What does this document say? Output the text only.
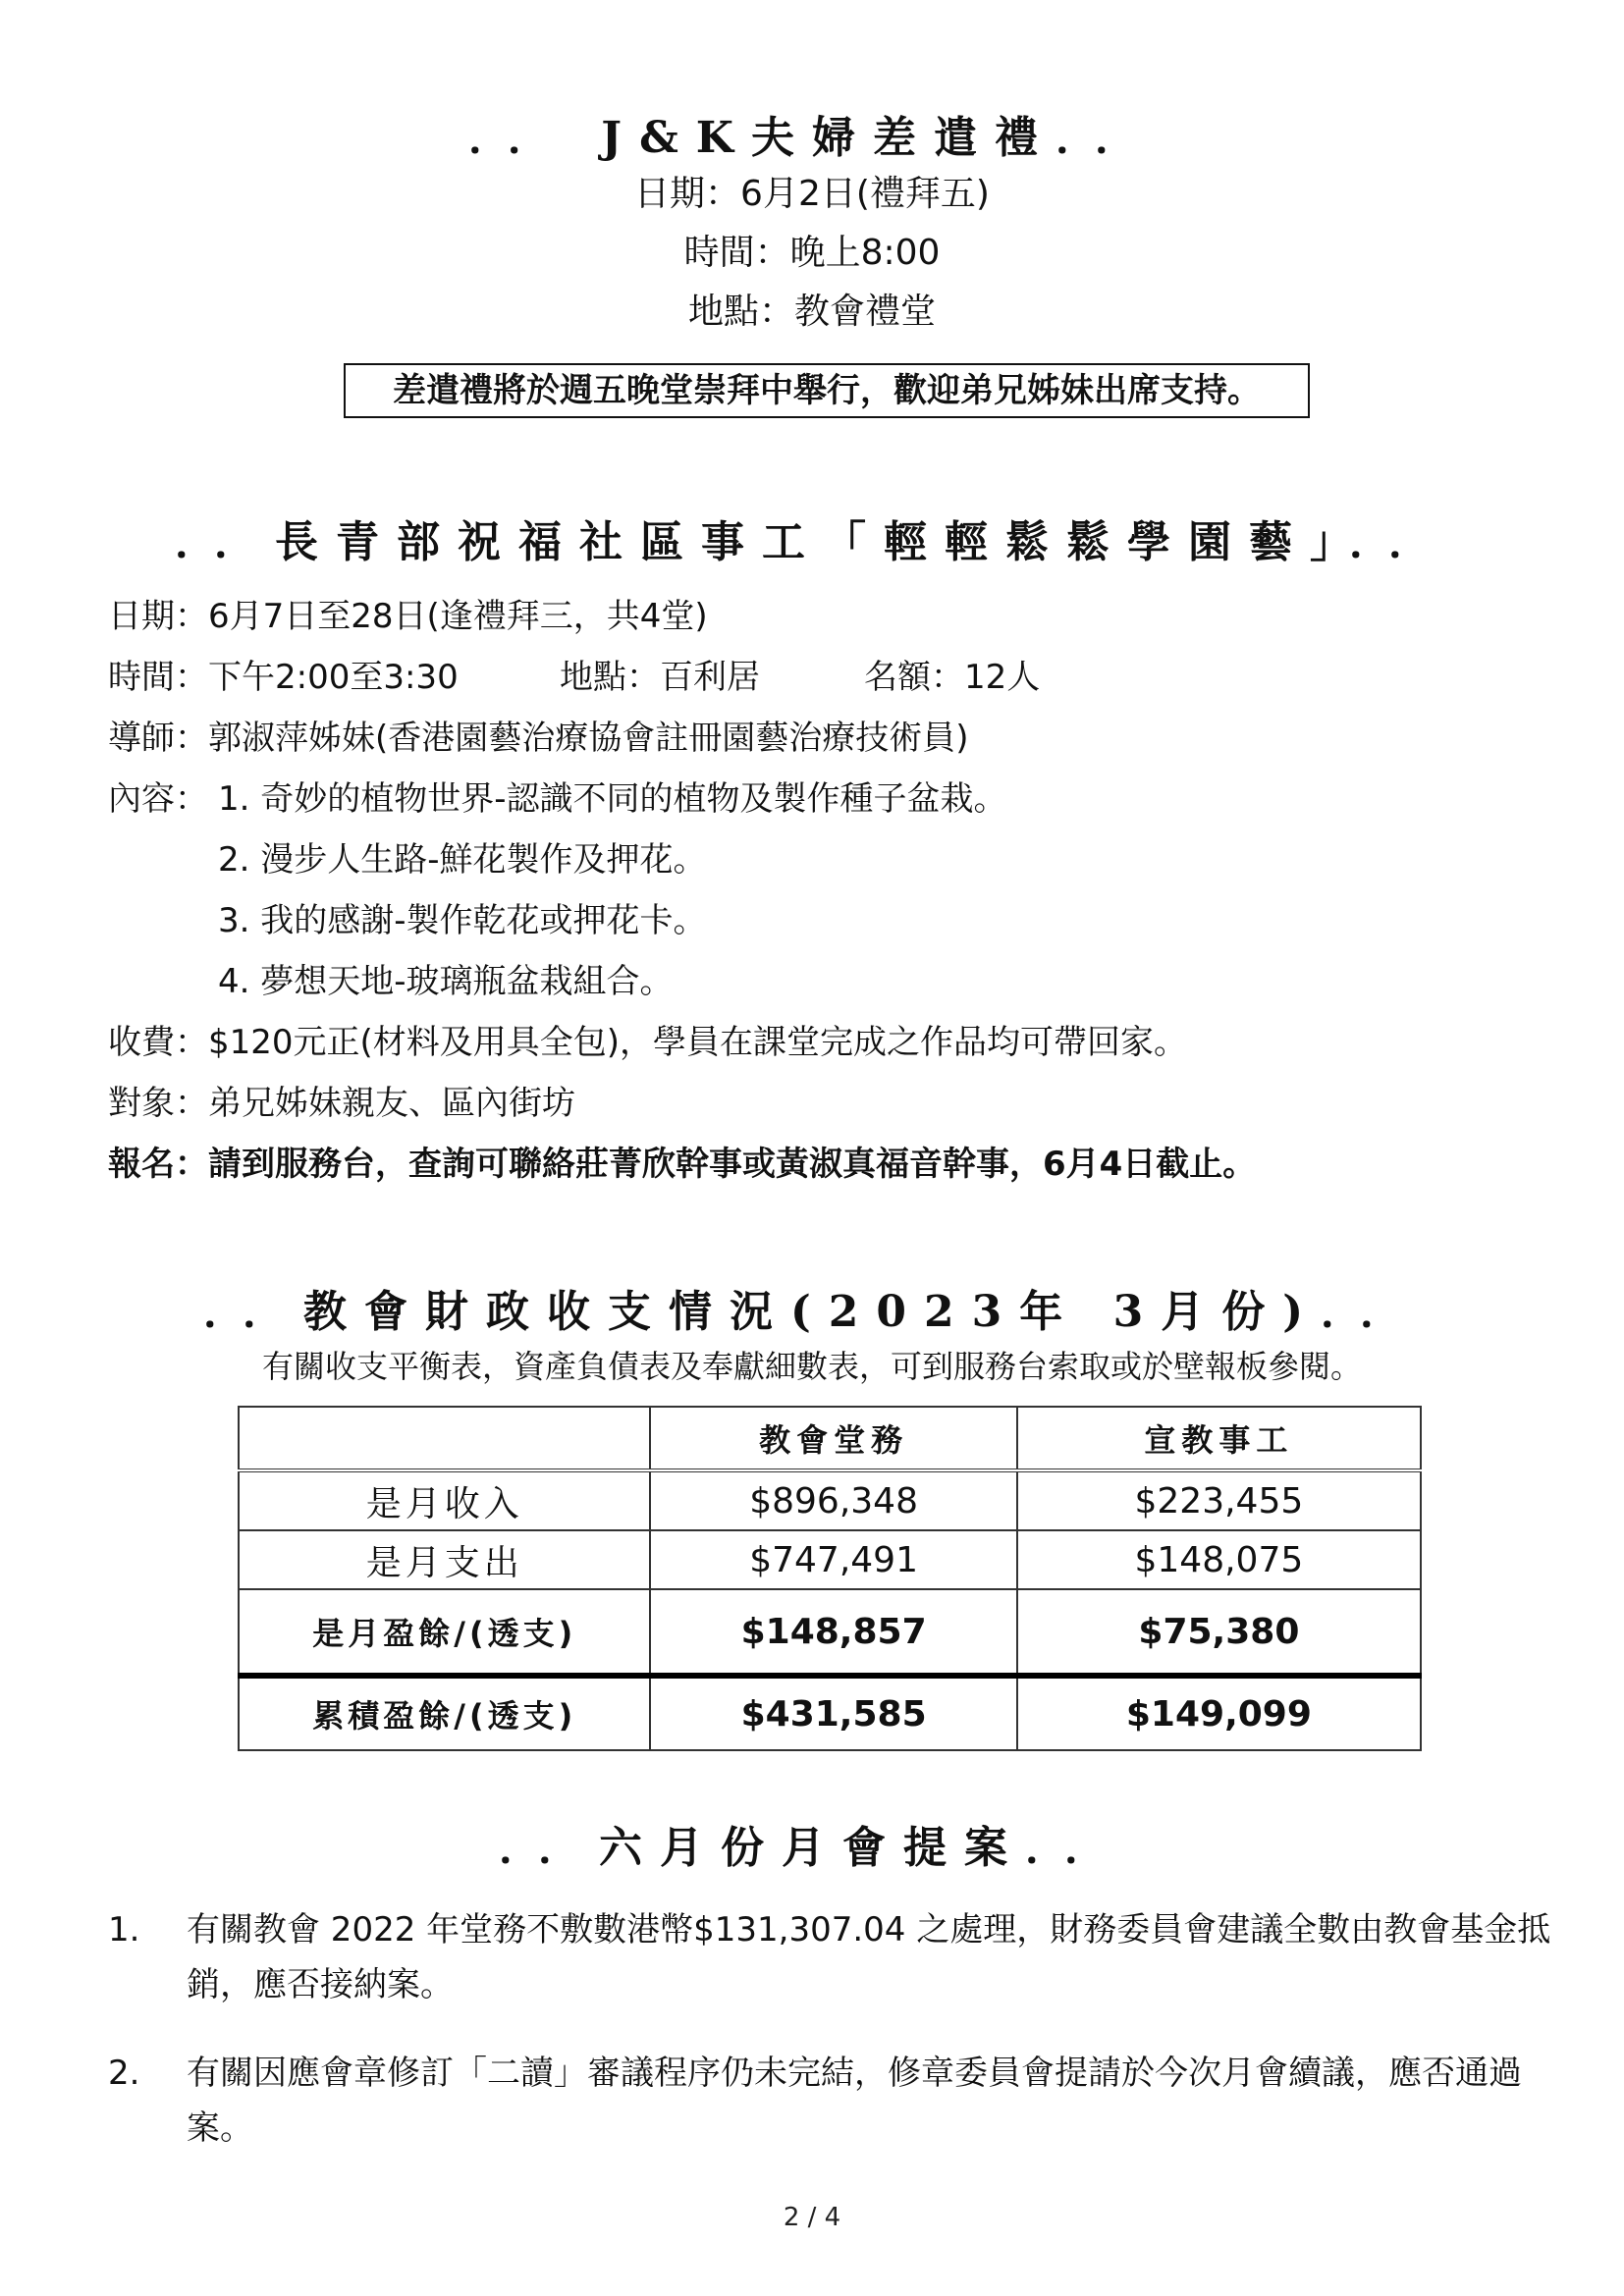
．． J&K夫婦差遣禮．．
日期：6月2日(禮拜五)
時間：晚上8:00
地點：教會禮堂
差遣禮將於週五晚堂崇拜中舉行，歡迎弟兄姊妹出席支持。
．．長青部祝福社區事工「輕輕鬆鬆學園藝」．．
日期：6月7日至28日(逢禮拜三，共4堂)
時間：下午2:00至3:30	地點：百利居	名額：12人
導師：郭淑萍姊妹(香港園藝治療協會註冊園藝治療技術員)
內容： 1. 奇妙的植物世界-認識不同的植物及製作種子盆栽。
2. 漫步人生路-鮮花製作及押花。
3. 我的感謝-製作乾花或押花卡。
4. 夢想天地-玻璃瓶盆栽組合。
收費：$120元正(材料及用具全包)，學員在課堂完成之作品均可帶回家。
對象：弟兄姊妹親友、區內街坊
報名：請到服務台，查詢可聯絡莊菁欣幹事或黃淑真福音幹事，6月4日截止。
．．教會財政收支情況(2023年 3月份)．．
有關收支平衡表，資產負債表及奉獻細數表，可到服務台索取或於壁報板參閱。
	教會堂務	宣教事工
是月收入	$896,348	$223,455
是月支出	$747,491	$148,075
是月盈餘/(透支)	$148,857	$75,380
累積盈餘/(透支)	$431,585	$149,099
．．六月份月會提案．．
1. 有關教會 2022 年堂務不敷數港幣$131,307.04 之處理，財務委員會建議全數由教會基金抵銷，應否接納案。
2. 有關因應會章修訂「二讀」審議程序仍未完結，修章委員會提請於今次月會續議，應否通過案。
2 / 4
